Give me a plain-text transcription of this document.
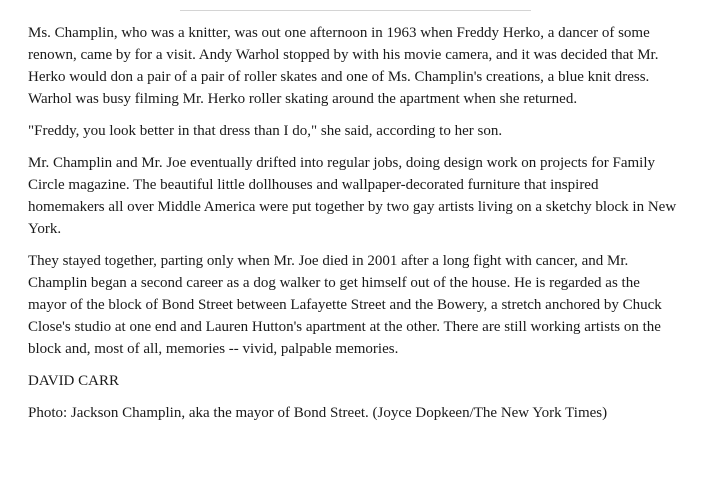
Ms. Champlin, who was a knitter, was out one afternoon in 1963 when Freddy Herko, a dancer of some renown, came by for a visit. Andy Warhol stopped by with his movie camera, and it was decided that Mr. Herko would don a pair of a pair of roller skates and one of Ms. Champlin's creations, a blue knit dress. Warhol was busy filming Mr. Herko roller skating around the apartment when she returned.

"Freddy, you look better in that dress than I do," she said, according to her son.

Mr. Champlin and Mr. Joe eventually drifted into regular jobs, doing design work on projects for Family Circle magazine. The beautiful little dollhouses and wallpaper-decorated furniture that inspired homemakers all over Middle America were put together by two gay artists living on a sketchy block in New York.

They stayed together, parting only when Mr. Joe died in 2001 after a long fight with cancer, and Mr. Champlin began a second career as a dog walker to get himself out of the house. He is regarded as the mayor of the block of Bond Street between Lafayette Street and the Bowery, a stretch anchored by Chuck Close's studio at one end and Lauren Hutton's apartment at the other. There are still working artists on the block and, most of all, memories -- vivid, palpable memories.

DAVID CARR

Photo: Jackson Champlin, aka the mayor of Bond Street. (Joyce Dopkeen/The New York Times)
